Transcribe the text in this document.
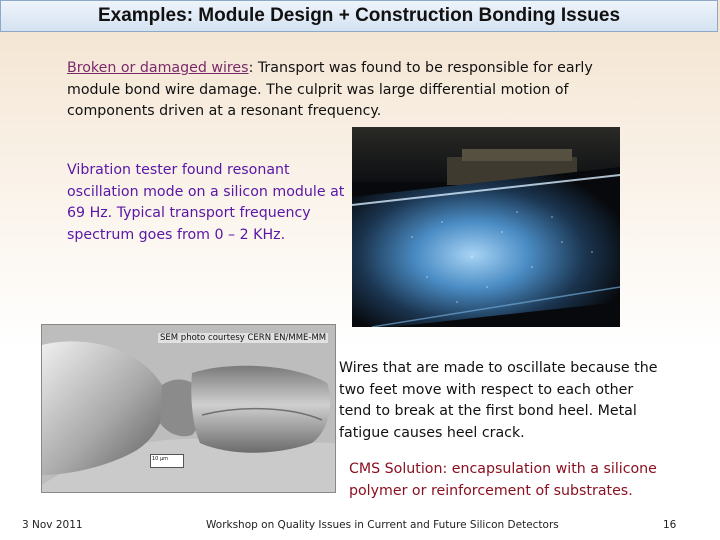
Examples: Module Design + Construction Bonding Issues
Broken or damaged wires: Transport was found to be responsible for early module bond wire damage. The culprit was large differential motion of components driven at a resonant frequency.
Vibration tester found resonant oscillation mode on a silicon module at 69 Hz. Typical transport frequency spectrum goes from 0 – 2 KHz.
SEM photo courtesy CERN EN/MME-MM
10 µm
Wires that are made to oscillate because the two feet move with respect to each other tend to break at the first bond heel. Metal fatigue causes heel crack.
CMS Solution: encapsulation with a silicone polymer or reinforcement of substrates.
3 Nov 2011	Workshop on Quality Issues in Current and Future Silicon Detectors	16
